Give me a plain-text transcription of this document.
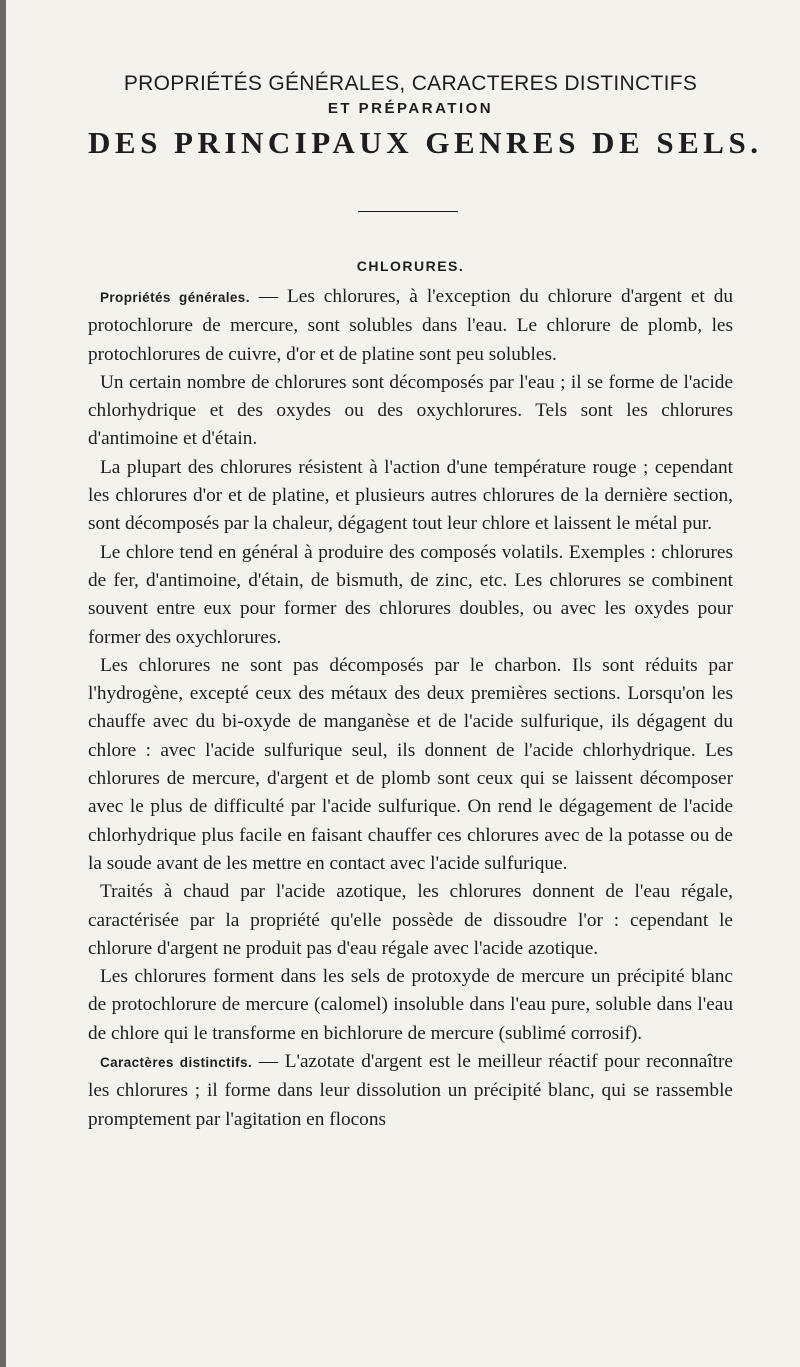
PROPRIÉTÉS GÉNÉRALES, CARACTERES DISTINCTIFS
ET PRÉPARATION
DES PRINCIPAUX GENRES DE SELS.
CHLORURES.

Propriétés générales. — Les chlorures, à l'exception du chlorure d'argent et du protochlorure de mercure, sont solubles dans l'eau. Le chlorure de plomb, les protochlorures de cuivre, d'or et de platine sont peu solubles.

Un certain nombre de chlorures sont décomposés par l'eau ; il se forme de l'acide chlorhydrique et des oxydes ou des oxychlorures. Tels sont les chlorures d'antimoine et d'étain.

La plupart des chlorures résistent à l'action d'une température rouge ; cependant les chlorures d'or et de platine, et plusieurs autres chlorures de la dernière section, sont décomposés par la chaleur, dégagent tout leur chlore et laissent le métal pur.

Le chlore tend en général à produire des composés volatils. Exemples : chlorures de fer, d'antimoine, d'étain, de bismuth, de zinc, etc. Les chlorures se combinent souvent entre eux pour former des chlorures doubles, ou avec les oxydes pour former des oxychlorures.

Les chlorures ne sont pas décomposés par le charbon. Ils sont réduits par l'hydrogène, excepté ceux des métaux des deux premières sections. Lorsqu'on les chauffe avec du bi-oxyde de manganèse et de l'acide sulfurique, ils dégagent du chlore : avec l'acide sulfurique seul, ils donnent de l'acide chlorhydrique. Les chlorures de mercure, d'argent et de plomb sont ceux qui se laissent décomposer avec le plus de difficulté par l'acide sulfurique. On rend le dégagement de l'acide chlorhydrique plus facile en faisant chauffer ces chlorures avec de la potasse ou de la soude avant de les mettre en contact avec l'acide sulfurique.

Traités à chaud par l'acide azotique, les chlorures donnent de l'eau régale, caractérisée par la propriété qu'elle possède de dissoudre l'or : cependant le chlorure d'argent ne produit pas d'eau régale avec l'acide azotique.

Les chlorures forment dans les sels de protoxyde de mercure un précipité blanc de protochlorure de mercure (calomel) insoluble dans l'eau pure, soluble dans l'eau de chlore qui le transforme en bichlorure de mercure (sublimé corrosif).

Caractères distinctifs. — L'azotate d'argent est le meilleur réactif pour reconnaître les chlorures ; il forme dans leur dissolution un précipité blanc, qui se rassemble promptement par l'agitation en flocons
